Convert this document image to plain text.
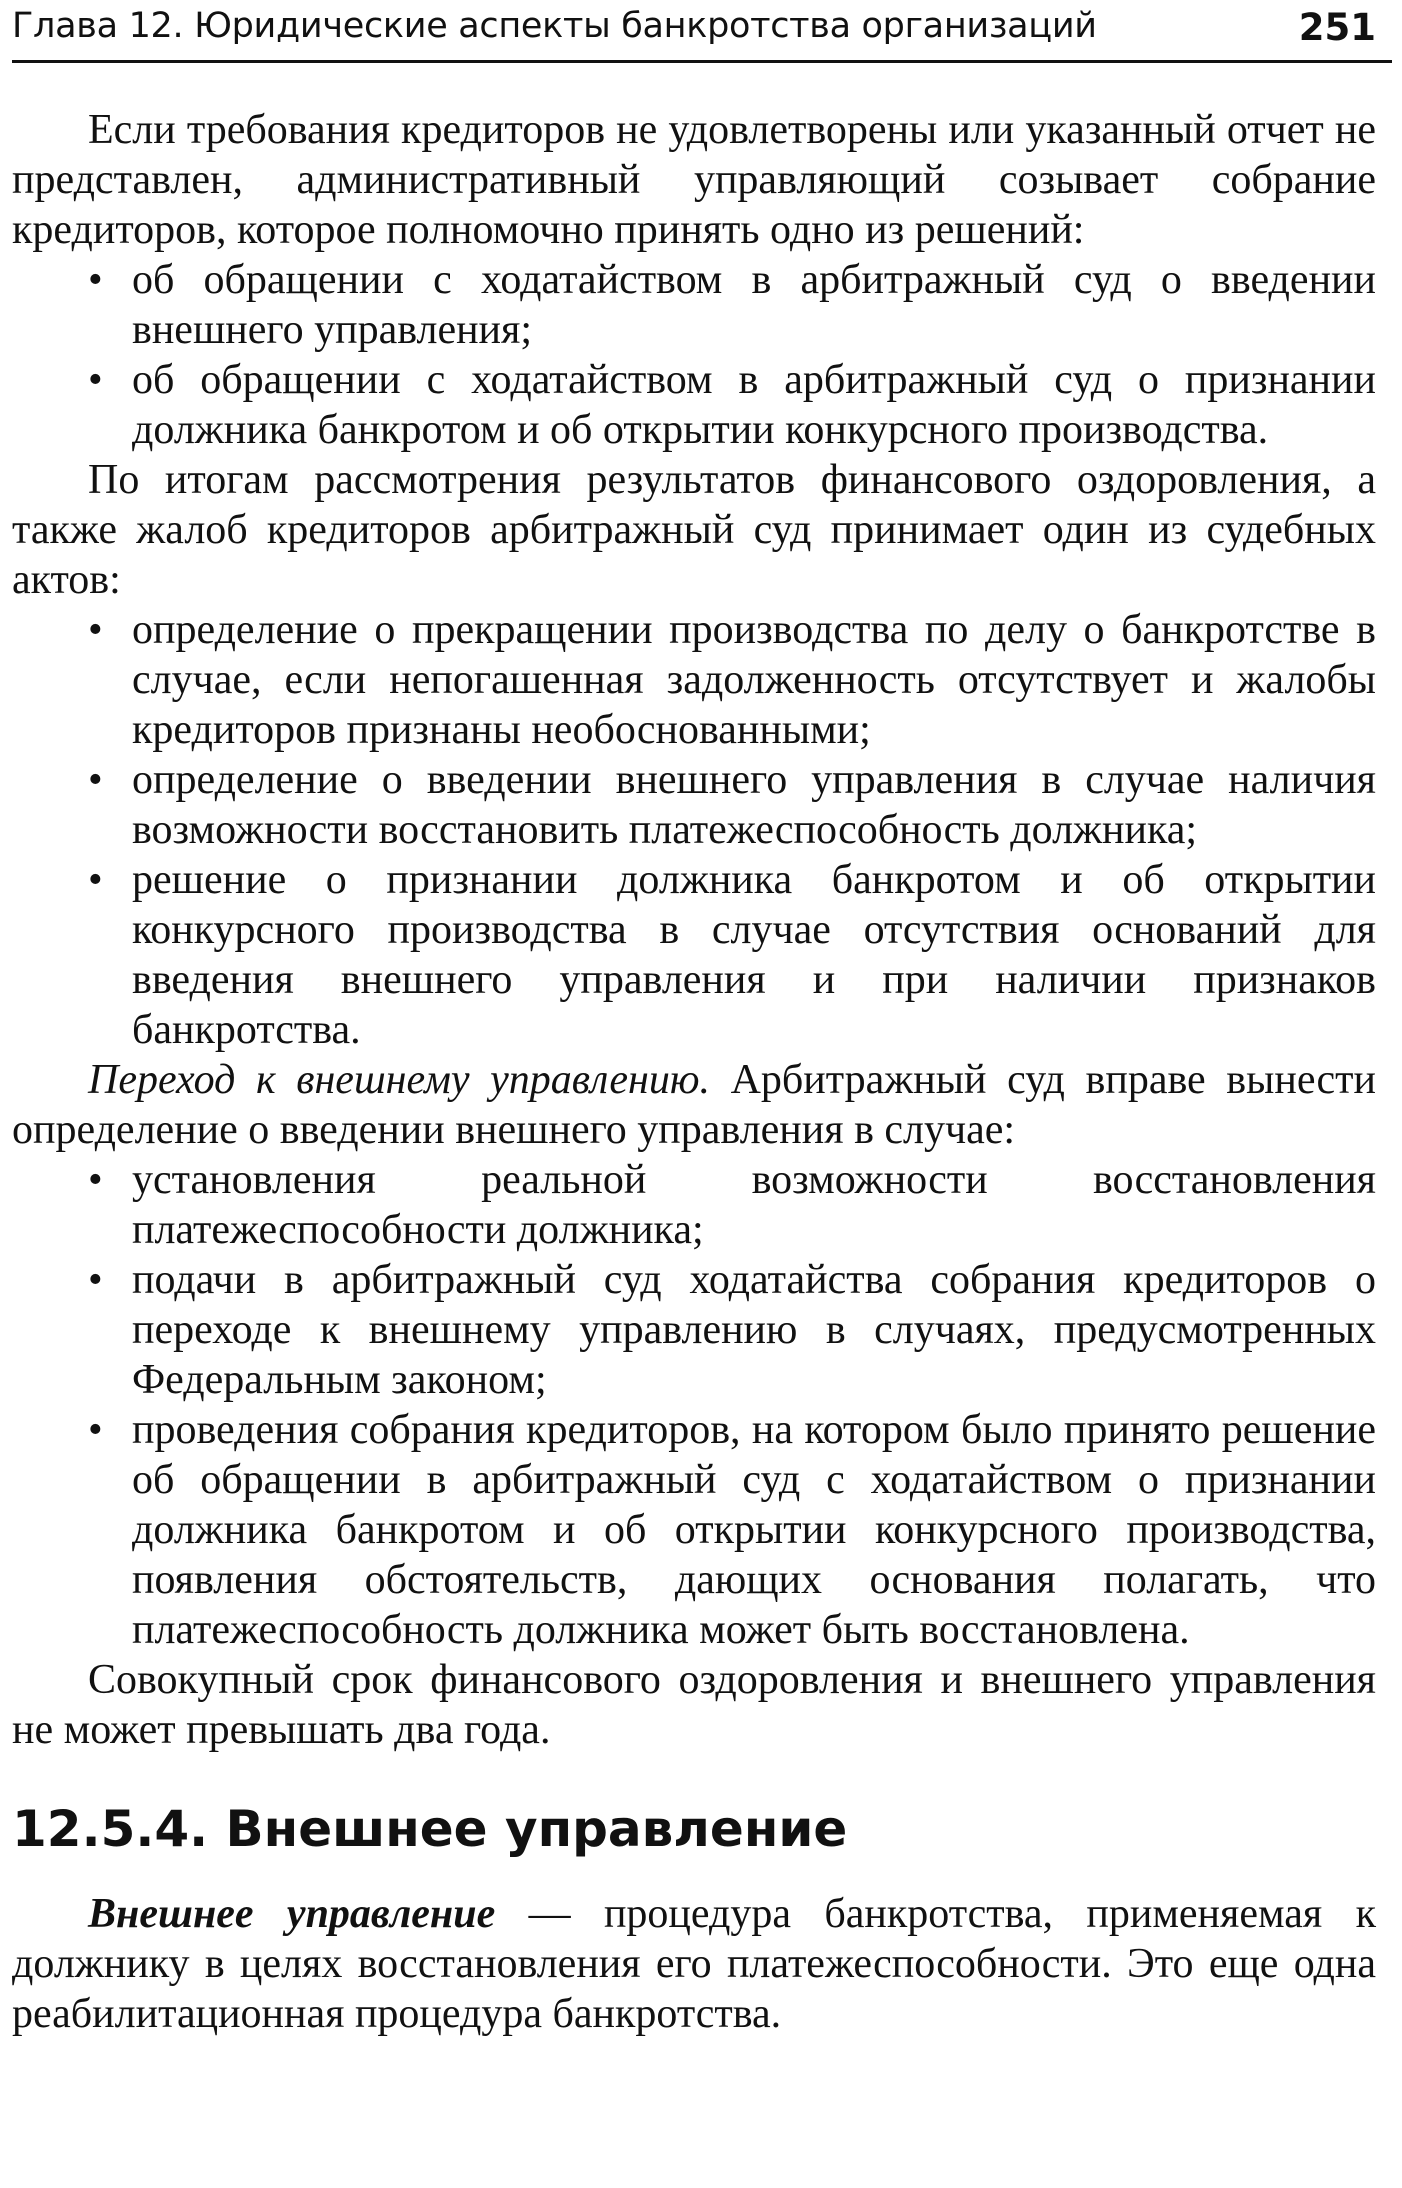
Глава 12. Юридические аспекты банкротства организаций	251

Если требования кредиторов не удовлетворены или указанный отчет не представлен, административный управляющий созывает собрание кредиторов, которое полномочно принять одно из решений:

• об обращении с ходатайством в арбитражный суд о введении внешнего управления;
• об обращении с ходатайством в арбитражный суд о признании должника банкротом и об открытии конкурсного производства.

По итогам рассмотрения результатов финансового оздоровления, а также жалоб кредиторов арбитражный суд принимает один из судебных актов:

• определение о прекращении производства по делу о банкротстве в случае, если непогашенная задолженность отсутствует и жалобы кредиторов признаны необоснованными;
• определение о введении внешнего управления в случае наличия возможности восстановить платежеспособность должника;
• решение о признании должника банкротом и об открытии конкурсного производства в случае отсутствия оснований для введения внешнего управления и при наличии признаков банкротства.

Переход к внешнему управлению. Арбитражный суд вправе вынести определение о введении внешнего управления в случае:

• установления реальной возможности восстановления платежеспособности должника;
• подачи в арбитражный суд ходатайства собрания кредиторов о переходе к внешнему управлению в случаях, предусмотренных Федеральным законом;
• проведения собрания кредиторов, на котором было принято решение об обращении в арбитражный суд с ходатайством о признании должника банкротом и об открытии конкурсного производства, появления обстоятельств, дающих основания полагать, что платежеспособность должника может быть восстановлена.

Совокупный срок финансового оздоровления и внешнего управления не может превышать два года.

12.5.4. Внешнее управление

Внешнее управление — процедура банкротства, применяемая к должнику в целях восстановления его платежеспособности. Это еще одна реабилитационная процедура банкротства.
